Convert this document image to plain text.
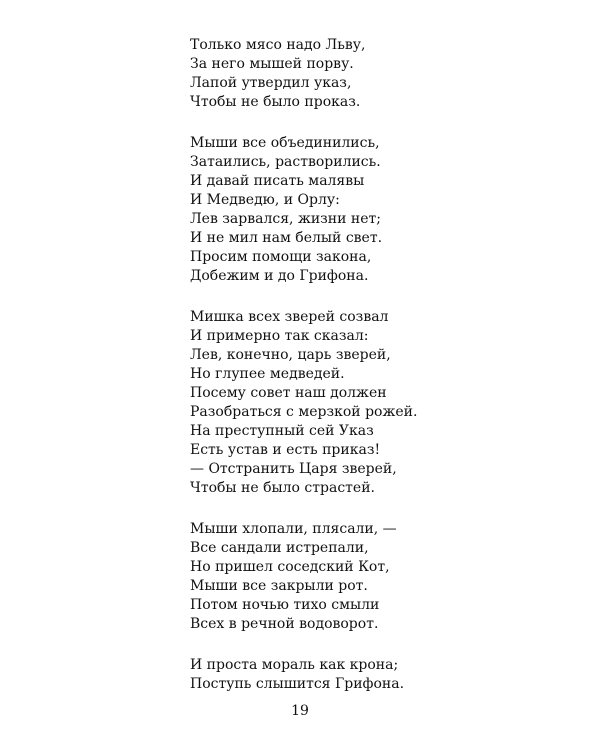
Только мясо надо Льву,
За него мышей порву.
Лапой утвердил указ,
Чтобы не было проказ.
Мыши все объединились,
Затаились, растворились.
И давай писать малявы
И Медведю, и Орлу:
Лев зарвался, жизни нет;
И не мил нам белый свет.
Просим помощи закона,
Добежим и до Грифона.
Мишка всех зверей созвал
И примерно так сказал:
Лев, конечно, царь зверей,
Но глупее медведей.
Посему совет наш должен
Разобраться с мерзкой рожей.
На преступный сей Указ
Есть устав и есть приказ!
— Отстранить Царя зверей,
Чтобы не было страстей.
Мыши хлопали, плясали, —
Все сандали истрепали,
Но пришел соседский Кот,
Мыши все закрыли рот.
Потом ночью тихо смыли
Всех в речной водоворот.
И проста мораль как крона;
Поступь слышится Грифона.
19
